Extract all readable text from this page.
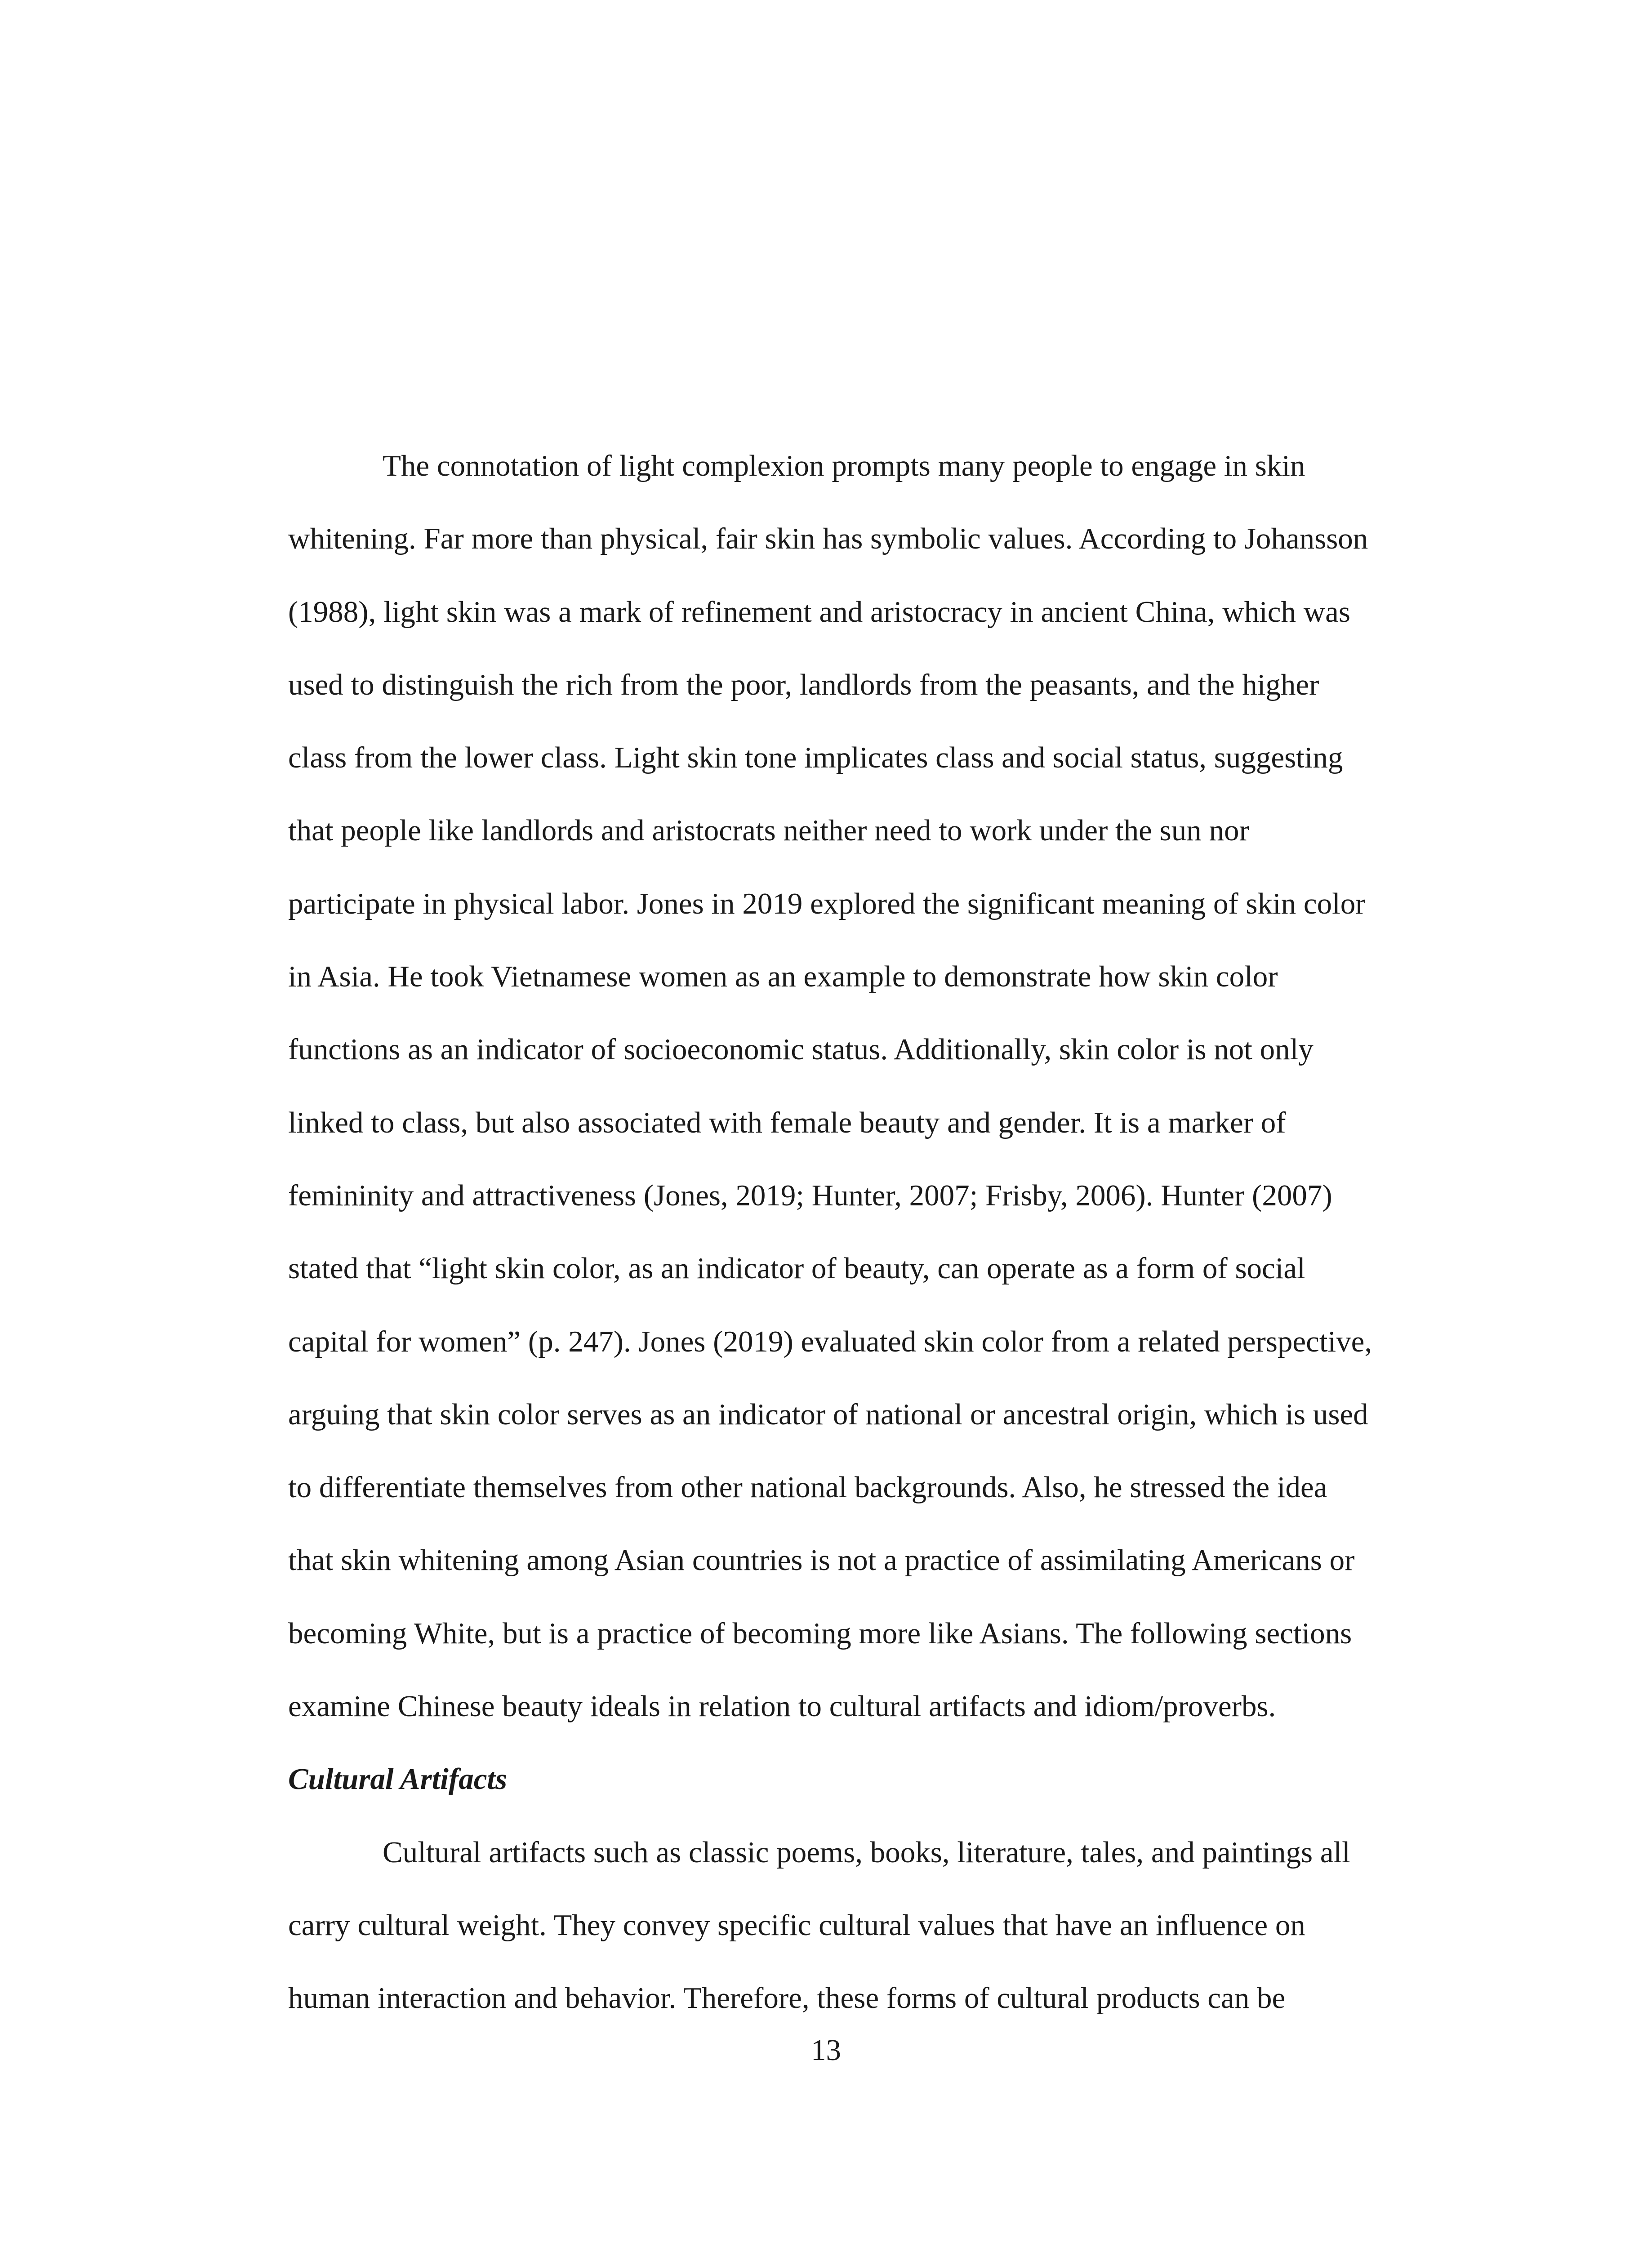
The connotation of light complexion prompts many people to engage in skin

whitening. Far more than physical, fair skin has symbolic values. According to Johansson

(1988), light skin was a mark of refinement and aristocracy in ancient China, which was

used to distinguish the rich from the poor, landlords from the peasants, and the higher

class from the lower class. Light skin tone implicates class and social status, suggesting

that people like landlords and aristocrats neither need to work under the sun nor

participate in physical labor. Jones in 2019 explored the significant meaning of skin color

in Asia. He took Vietnamese women as an example to demonstrate how skin color

functions as an indicator of socioeconomic status. Additionally, skin color is not only

linked to class, but also associated with female beauty and gender. It is a marker of

femininity and attractiveness (Jones, 2019; Hunter, 2007; Frisby, 2006). Hunter (2007)

stated that “light skin color, as an indicator of beauty, can operate as a form of social

capital for women” (p. 247). Jones (2019) evaluated skin color from a related perspective,

arguing that skin color serves as an indicator of national or ancestral origin, which is used

to differentiate themselves from other national backgrounds. Also, he stressed the idea

that skin whitening among Asian countries is not a practice of assimilating Americans or

becoming White, but is a practice of becoming more like Asians. The following sections

examine Chinese beauty ideals in relation to cultural artifacts and idiom/proverbs.

Cultural Artifacts

Cultural artifacts such as classic poems, books, literature, tales, and paintings all

carry cultural weight. They convey specific cultural values that have an influence on

human interaction and behavior. Therefore, these forms of cultural products can be

13
